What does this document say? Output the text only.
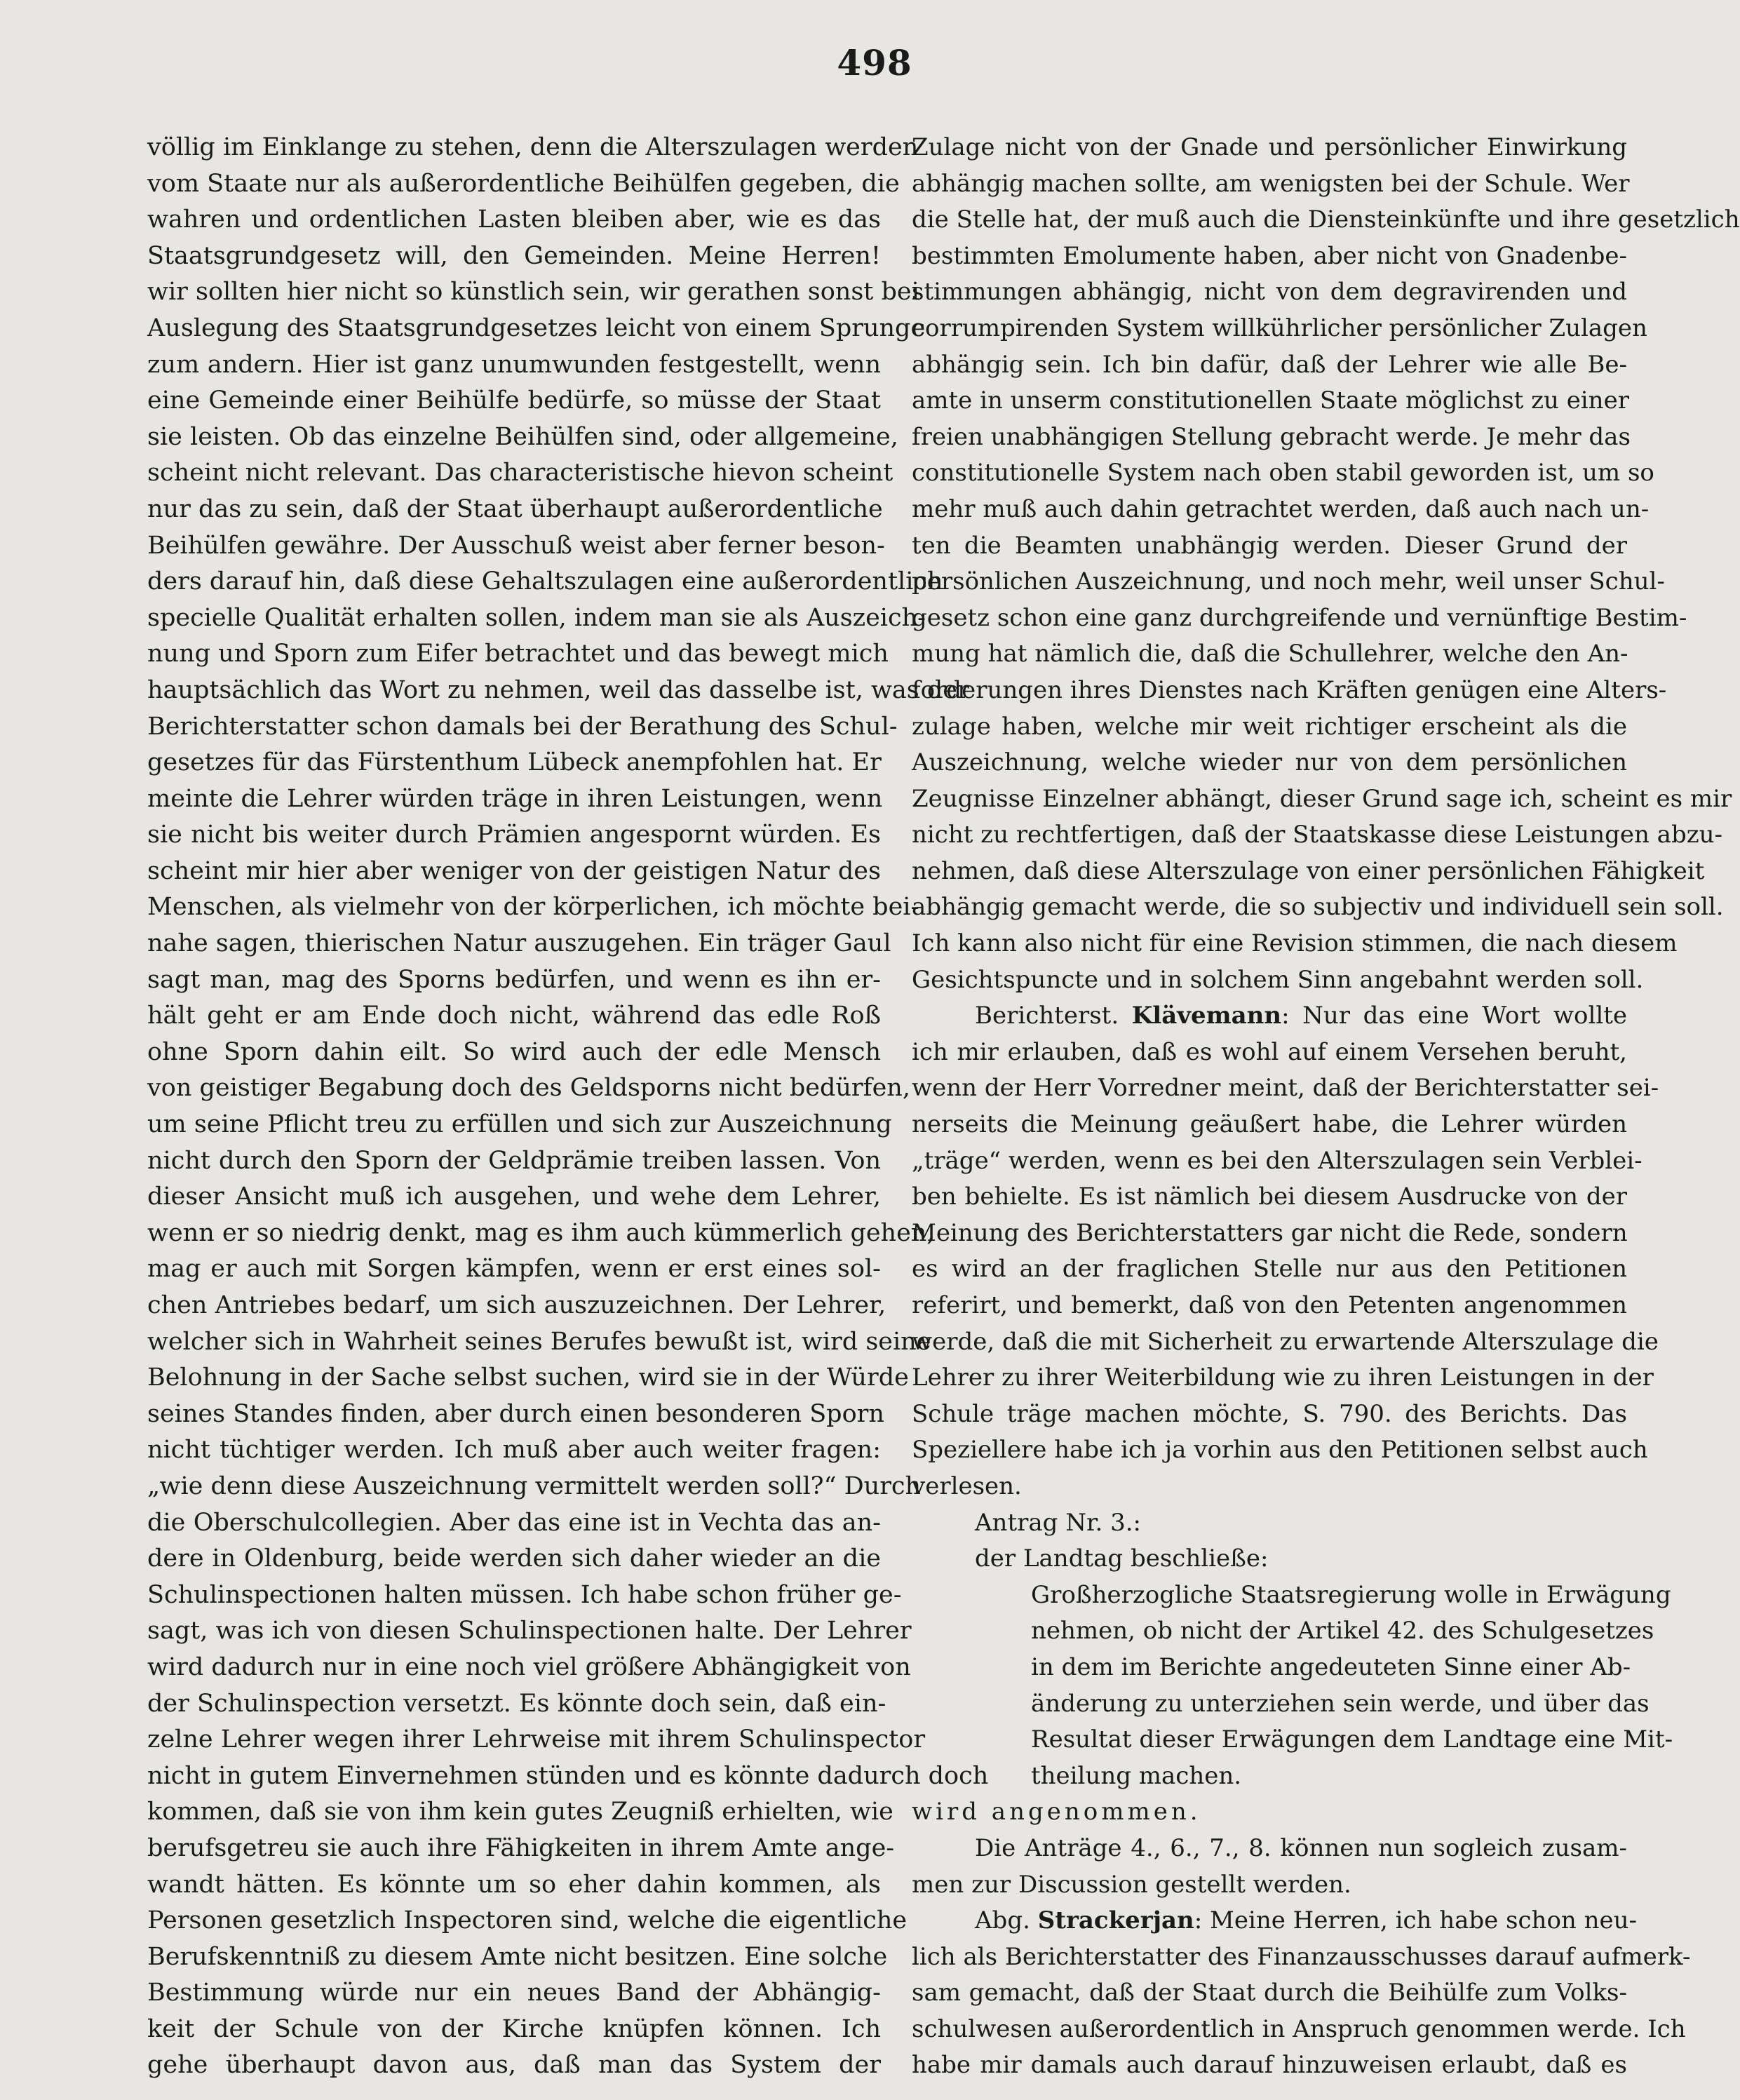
498
völlig im Einklange zu stehen, denn die Alterszulagen werden
vom Staate nur als außerordentliche Beihülfen gegeben, die
wahren und ordentlichen Lasten bleiben aber, wie es das
Staatsgrundgesetz will, den Gemeinden. Meine Herren!
wir sollten hier nicht so künstlich sein, wir gerathen sonst bei
Auslegung des Staatsgrundgesetzes leicht von einem Sprunge
zum andern. Hier ist ganz unumwunden festgestellt, wenn
eine Gemeinde einer Beihülfe bedürfe, so müsse der Staat
sie leisten. Ob das einzelne Beihülfen sind, oder allgemeine,
scheint nicht relevant. Das characteristische hievon scheint
nur das zu sein, daß der Staat überhaupt außerordentliche
Beihülfen gewähre. Der Ausschuß weist aber ferner beson-
ders darauf hin, daß diese Gehaltszulagen eine außerordentlich
specielle Qualität erhalten sollen, indem man sie als Auszeich-
nung und Sporn zum Eifer betrachtet und das bewegt mich
hauptsächlich das Wort zu nehmen, weil das dasselbe ist, was der
Berichterstatter schon damals bei der Berathung des Schul-
gesetzes für das Fürstenthum Lübeck anempfohlen hat. Er
meinte die Lehrer würden träge in ihren Leistungen, wenn
sie nicht bis weiter durch Prämien angespornt würden. Es
scheint mir hier aber weniger von der geistigen Natur des
Menschen, als vielmehr von der körperlichen, ich möchte bei-
nahe sagen, thierischen Natur auszugehen. Ein träger Gaul
sagt man, mag des Sporns bedürfen, und wenn es ihn er-
hält geht er am Ende doch nicht, während das edle Roß
ohne Sporn dahin eilt. So wird auch der edle Mensch
von geistiger Begabung doch des Geldsporns nicht bedürfen,
um seine Pflicht treu zu erfüllen und sich zur Auszeichnung
nicht durch den Sporn der Geldprämie treiben lassen. Von
dieser Ansicht muß ich ausgehen, und wehe dem Lehrer,
wenn er so niedrig denkt, mag es ihm auch kümmerlich gehen,
mag er auch mit Sorgen kämpfen, wenn er erst eines sol-
chen Antriebes bedarf, um sich auszuzeichnen. Der Lehrer,
welcher sich in Wahrheit seines Berufes bewußt ist, wird seine
Belohnung in der Sache selbst suchen, wird sie in der Würde
seines Standes finden, aber durch einen besonderen Sporn
nicht tüchtiger werden. Ich muß aber auch weiter fragen:
„wie denn diese Auszeichnung vermittelt werden soll?“ Durch
die Oberschulcollegien. Aber das eine ist in Vechta das an-
dere in Oldenburg, beide werden sich daher wieder an die
Schulinspectionen halten müssen. Ich habe schon früher ge-
sagt, was ich von diesen Schulinspectionen halte. Der Lehrer
wird dadurch nur in eine noch viel größere Abhängigkeit von
der Schulinspection versetzt. Es könnte doch sein, daß ein-
zelne Lehrer wegen ihrer Lehrweise mit ihrem Schulinspector
nicht in gutem Einvernehmen stünden und es könnte dadurch doch
kommen, daß sie von ihm kein gutes Zeugniß erhielten, wie
berufsgetreu sie auch ihre Fähigkeiten in ihrem Amte ange-
wandt hätten. Es könnte um so eher dahin kommen, als
Personen gesetzlich Inspectoren sind, welche die eigentliche
Berufskenntniß zu diesem Amte nicht besitzen. Eine solche
Bestimmung würde nur ein neues Band der Abhängig-
keit der Schule von der Kirche knüpfen können. Ich
gehe überhaupt davon aus, daß man das System der
Zulage nicht von der Gnade und persönlicher Einwirkung
abhängig machen sollte, am wenigsten bei der Schule. Wer
die Stelle hat, der muß auch die Diensteinkünfte und ihre gesetzlich
bestimmten Emolumente haben, aber nicht von Gnadenbe-
stimmungen abhängig, nicht von dem degravirenden und
corrumpirenden System willkührlicher persönlicher Zulagen
abhängig sein. Ich bin dafür, daß der Lehrer wie alle Be-
amte in unserm constitutionellen Staate möglichst zu einer
freien unabhängigen Stellung gebracht werde. Je mehr das
constitutionelle System nach oben stabil geworden ist, um so
mehr muß auch dahin getrachtet werden, daß auch nach un-
ten die Beamten unabhängig werden. Dieser Grund der
persönlichen Auszeichnung, und noch mehr, weil unser Schul-
gesetz schon eine ganz durchgreifende und vernünftige Bestim-
mung hat nämlich die, daß die Schullehrer, welche den An-
forderungen ihres Dienstes nach Kräften genügen eine Alters-
zulage haben, welche mir weit richtiger erscheint als die
Auszeichnung, welche wieder nur von dem persönlichen
Zeugnisse Einzelner abhängt, dieser Grund sage ich, scheint es mir
nicht zu rechtfertigen, daß der Staatskasse diese Leistungen abzu-
nehmen, daß diese Alterszulage von einer persönlichen Fähigkeit
abhängig gemacht werde, die so subjectiv und individuell sein soll.
Ich kann also nicht für eine Revision stimmen, die nach diesem
Gesichtspuncte und in solchem Sinn angebahnt werden soll.
Berichterst. Klävemann: Nur das eine Wort wollte
ich mir erlauben, daß es wohl auf einem Versehen beruht,
wenn der Herr Vorredner meint, daß der Berichterstatter sei-
nerseits die Meinung geäußert habe, die Lehrer würden
„träge“ werden, wenn es bei den Alterszulagen sein Verblei-
ben behielte. Es ist nämlich bei diesem Ausdrucke von der
Meinung des Berichterstatters gar nicht die Rede, sondern
es wird an der fraglichen Stelle nur aus den Petitionen
referirt, und bemerkt, daß von den Petenten angenommen
werde, daß die mit Sicherheit zu erwartende Alterszulage die
Lehrer zu ihrer Weiterbildung wie zu ihren Leistungen in der
Schule träge machen möchte, S. 790. des Berichts. Das
Speziellere habe ich ja vorhin aus den Petitionen selbst auch
verlesen.
Antrag Nr. 3.:
der Landtag beschließe:
Großherzogliche Staatsregierung wolle in Erwägung
nehmen, ob nicht der Artikel 42. des Schulgesetzes
in dem im Berichte angedeuteten Sinne einer Ab-
änderung zu unterziehen sein werde, und über das
Resultat dieser Erwägungen dem Landtage eine Mit-
theilung machen.
wird angenommen.
Die Anträge 4., 6., 7., 8. können nun sogleich zusam-
men zur Discussion gestellt werden.
Abg. Strackerjan: Meine Herren, ich habe schon neu-
lich als Berichterstatter des Finanzausschusses darauf aufmerk-
sam gemacht, daß der Staat durch die Beihülfe zum Volks-
schulwesen außerordentlich in Anspruch genommen werde. Ich
habe mir damals auch darauf hinzuweisen erlaubt, daß es
